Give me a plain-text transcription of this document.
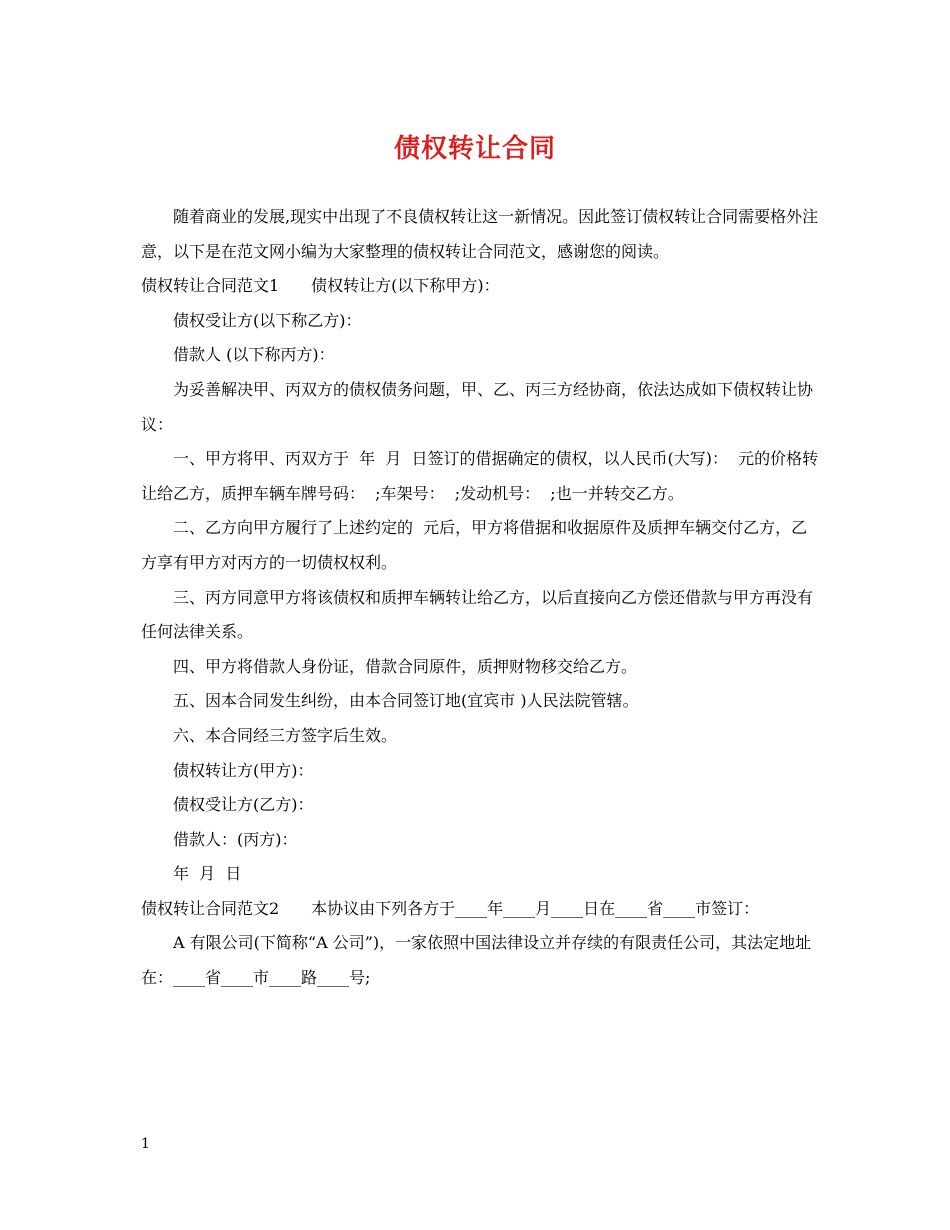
债权转让合同

随着商业的发展,现实中出现了不良债权转让这一新情况。因此签订债权转让合同需要格外注意，以下是在范文网小编为大家整理的债权转让合同范文，感谢您的阅读。

债权转让合同范文1　　债权转让方(以下称甲方)：

债权受让方(以下称乙方)：

借款人 (以下称丙方)：

为妥善解决甲、丙双方的债权债务问题，甲、乙、丙三方经协商，依法达成如下债权转让协议：

一、甲方将甲、丙双方于  年  月  日签订的借据确定的债权，以人民币(大写)：  元的价格转让给乙方，质押车辆车牌号码：  ;车架号：  ;发动机号：  ;也一并转交乙方。

二、乙方向甲方履行了上述约定的  元后，甲方将借据和收据原件及质押车辆交付乙方，乙方享有甲方对丙方的一切债权权利。

三、丙方同意甲方将该债权和质押车辆转让给乙方，以后直接向乙方偿还借款与甲方再没有任何法律关系。

四、甲方将借款人身份证，借款合同原件，质押财物移交给乙方。

五、因本合同发生纠纷，由本合同签订地(宜宾市 )人民法院管辖。

六、本合同经三方签字后生效。

债权转让方(甲方)：

债权受让方(乙方)：

借款人：(丙方)：

年  月  日

债权转让合同范文2　　本协议由下列各方于____年____月____日在____省____市签订：

A 有限公司(下简称“A 公司”)，一家依照中国法律设立并存续的有限责任公司，其法定地址在：____省____市____路____号;

1
